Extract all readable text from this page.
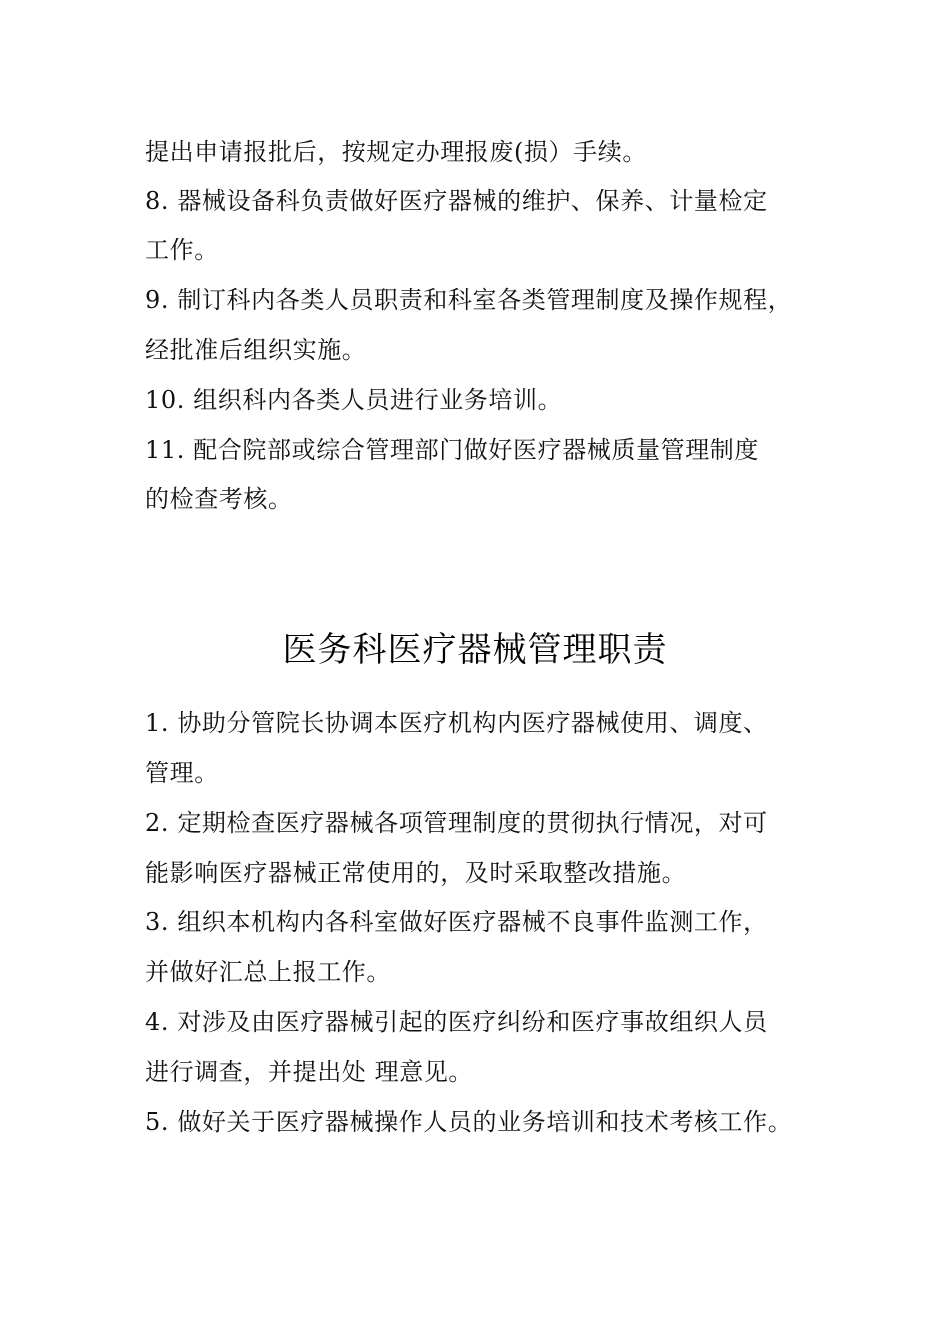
提出申请报批后，按规定办理报废(损）手续。
8. 器械设备科负责做好医疗器械的维护、保养、计量检定
工作。
9. 制订科内各类人员职责和科室各类管理制度及操作规程，
经批准后组织实施。
10. 组织科内各类人员进行业务培训。
11. 配合院部或综合管理部门做好医疗器械质量管理制度
的检查考核。
医务科医疗器械管理职责
1. 协助分管院长协调本医疗机构内医疗器械使用、调度、
管理。
2. 定期检查医疗器械各项管理制度的贯彻执行情况，对可
能影响医疗器械正常使用的，及时采取整改措施。
3. 组织本机构内各科室做好医疗器械不良事件监测工作，
并做好汇总上报工作。
4. 对涉及由医疗器械引起的医疗纠纷和医疗事故组织人员
进行调查，并提出处 理意见。
5. 做好关于医疗器械操作人员的业务培训和技术考核工作。
